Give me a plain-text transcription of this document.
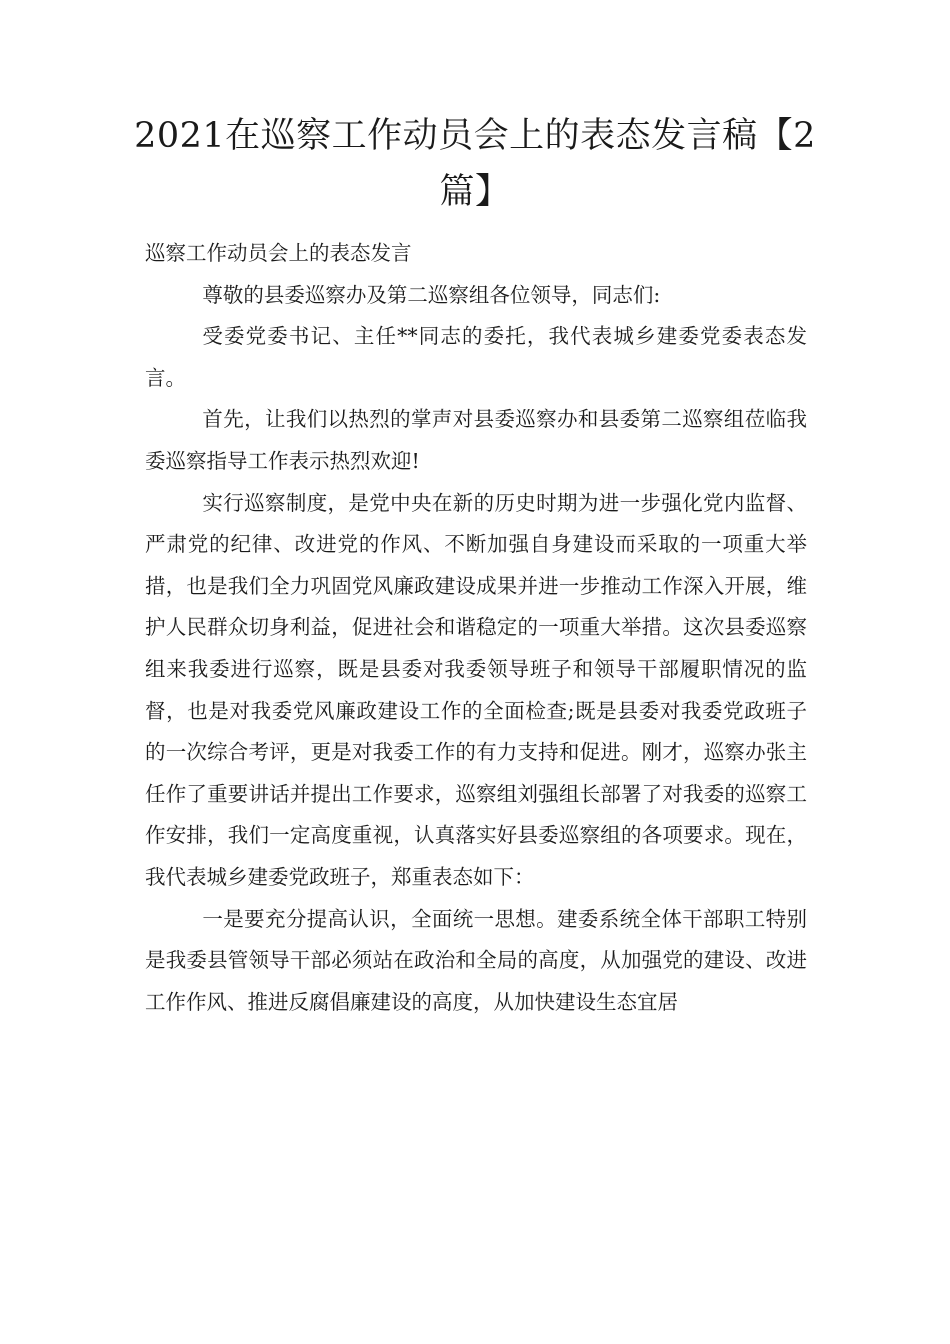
2021在巡察工作动员会上的表态发言稿【2篇】

巡察工作动员会上的表态发言

尊敬的县委巡察办及第二巡察组各位领导，同志们:

受委党委书记、主任**同志的委托，我代表城乡建委党委表态发言。

首先，让我们以热烈的掌声对县委巡察办和县委第二巡察组莅临我委巡察指导工作表示热烈欢迎!

实行巡察制度，是党中央在新的历史时期为进一步强化党内监督、严肃党的纪律、改进党的作风、不断加强自身建设而采取的一项重大举措，也是我们全力巩固党风廉政建设成果并进一步推动工作深入开展，维护人民群众切身利益，促进社会和谐稳定的一项重大举措。这次县委巡察组来我委进行巡察，既是县委对我委领导班子和领导干部履职情况的监督，也是对我委党风廉政建设工作的全面检查;既是县委对我委党政班子的一次综合考评，更是对我委工作的有力支持和促进。刚才，巡察办张主任作了重要讲话并提出工作要求，巡察组刘强组长部署了对我委的巡察工作安排，我们一定高度重视，认真落实好县委巡察组的各项要求。现在，我代表城乡建委党政班子，郑重表态如下：

一是要充分提高认识，全面统一思想。建委系统全体干部职工特别是我委县管领导干部必须站在政治和全局的高度，从加强党的建设、改进工作作风、推进反腐倡廉建设的高度，从加快建设生态宜居
